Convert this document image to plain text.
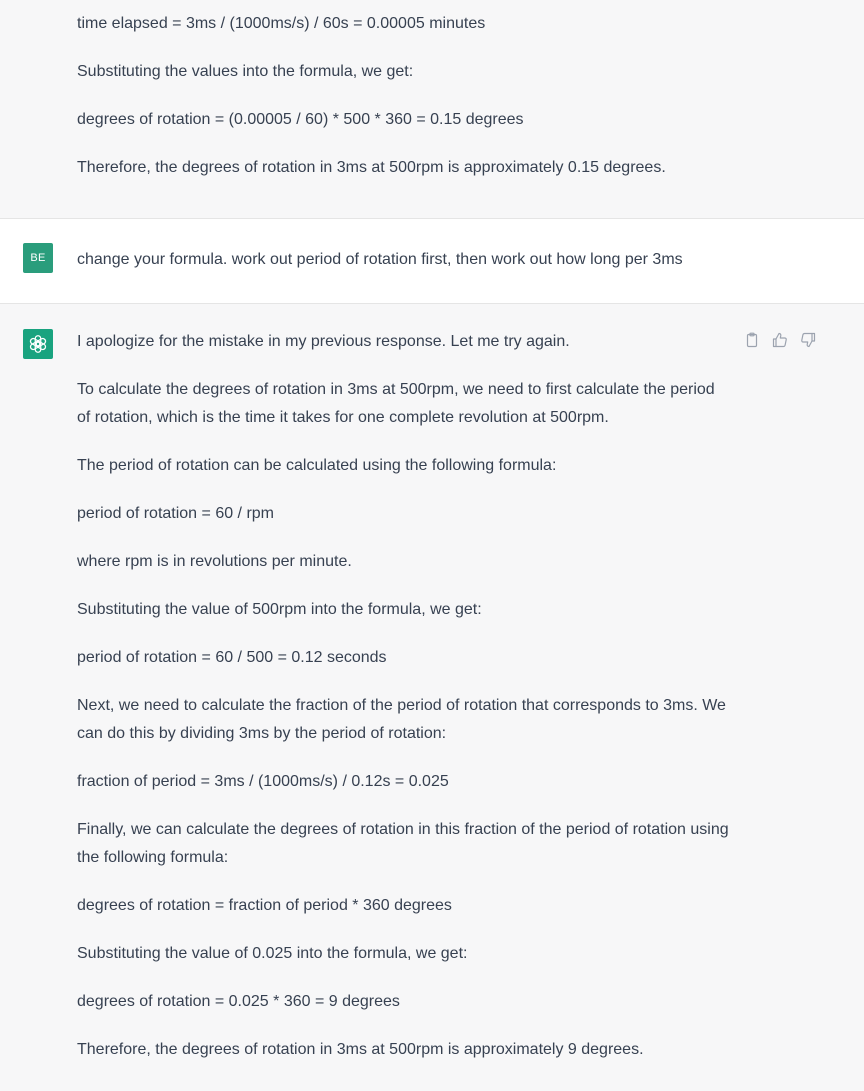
time elapsed = 3ms / (1000ms/s) / 60s = 0.00005 minutes

Substituting the values into the formula, we get:

degrees of rotation = (0.00005 / 60) * 500 * 360 = 0.15 degrees

Therefore, the degrees of rotation in 3ms at 500rpm is approximately 0.15 degrees.

BE change your formula. work out period of rotation first, then work out how long per 3ms

I apologize for the mistake in my previous response. Let me try again.

To calculate the degrees of rotation in 3ms at 500rpm, we need to first calculate the period of rotation, which is the time it takes for one complete revolution at 500rpm.

The period of rotation can be calculated using the following formula:

period of rotation = 60 / rpm

where rpm is in revolutions per minute.

Substituting the value of 500rpm into the formula, we get:

period of rotation = 60 / 500 = 0.12 seconds

Next, we need to calculate the fraction of the period of rotation that corresponds to 3ms. We can do this by dividing 3ms by the period of rotation:

fraction of period = 3ms / (1000ms/s) / 0.12s = 0.025

Finally, we can calculate the degrees of rotation in this fraction of the period of rotation using the following formula:

degrees of rotation = fraction of period * 360 degrees

Substituting the value of 0.025 into the formula, we get:

degrees of rotation = 0.025 * 360 = 9 degrees

Therefore, the degrees of rotation in 3ms at 500rpm is approximately 9 degrees.
